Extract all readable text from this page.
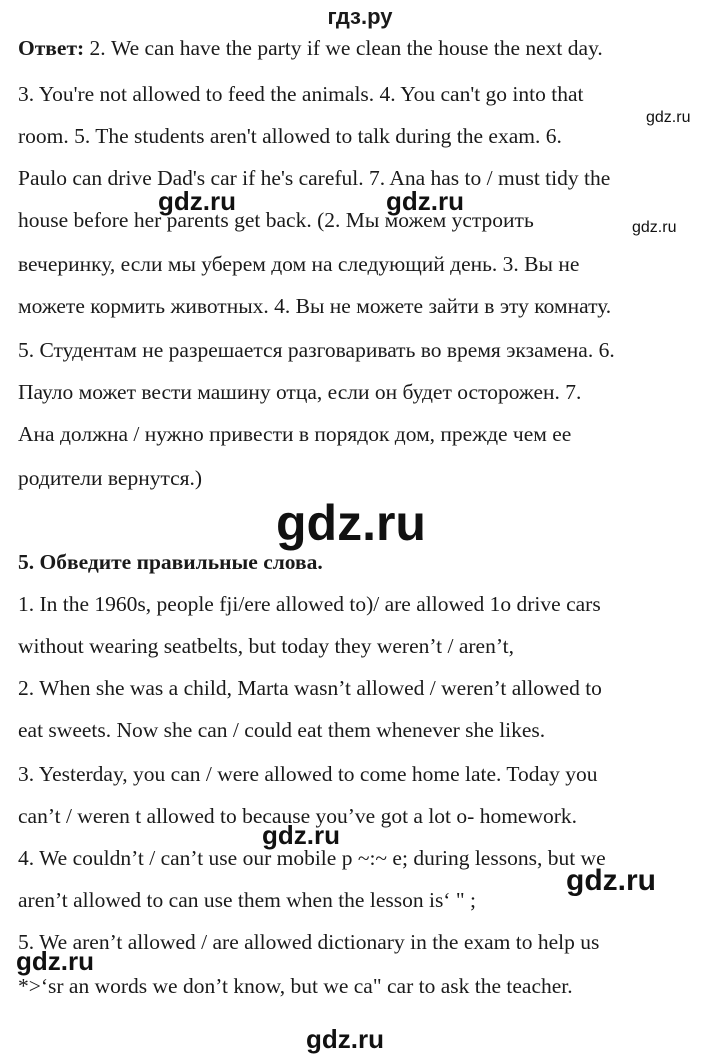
гдз.ру
Ответ: 2. We can have the party if we clean the house the next day.
3. You're not allowed to feed the animals. 4. You can't go into that
room. 5. The students aren't allowed to talk during the exam. 6.
Paulo can drive Dad's car if he's careful. 7. Ana has to / must tidy the
house before her parents get back. (2. Мы можем устроить
вечеринку, если мы уберем дом на следующий день. 3. Вы не
можете кормить животных. 4. Вы не можете зайти в эту комнату.
5. Студентам не разрешается разговаривать во время экзамена. 6.
Пауло может вести машину отца, если он будет осторожен. 7.
Ана должна / нужно привести в порядок дом, прежде чем ее
родители вернутся.)
5. Обведите правильные слова.
1. In the 1960s, people fji/ere allowed to)/ are allowed 1o drive cars
without wearing seatbelts, but today they weren’t / aren’t,
2. When she was a child, Marta wasn’t allowed / weren’t allowed to
eat sweets. Now she can / could eat them whenever she likes.
3. Yesterday, you can / were allowed to come home late. Today you
can’t / weren t allowed to because you’ve got a lot o- homework.
4. We couldn’t / can’t use our mobile p ~:~ e; during lessons, but we
aren’t allowed to can use them when the lesson is‘ " ;
5. We aren’t allowed / are allowed dictionary in the exam to help us
*>‘sr an words we don’t know, but we ca" car to ask the teacher.
gdz.ru
gdz.ru	gdz.ru
gdz.ru
gdz.ru
gdz.ru
gdz.ru
gdz.ru
gdz.ru
